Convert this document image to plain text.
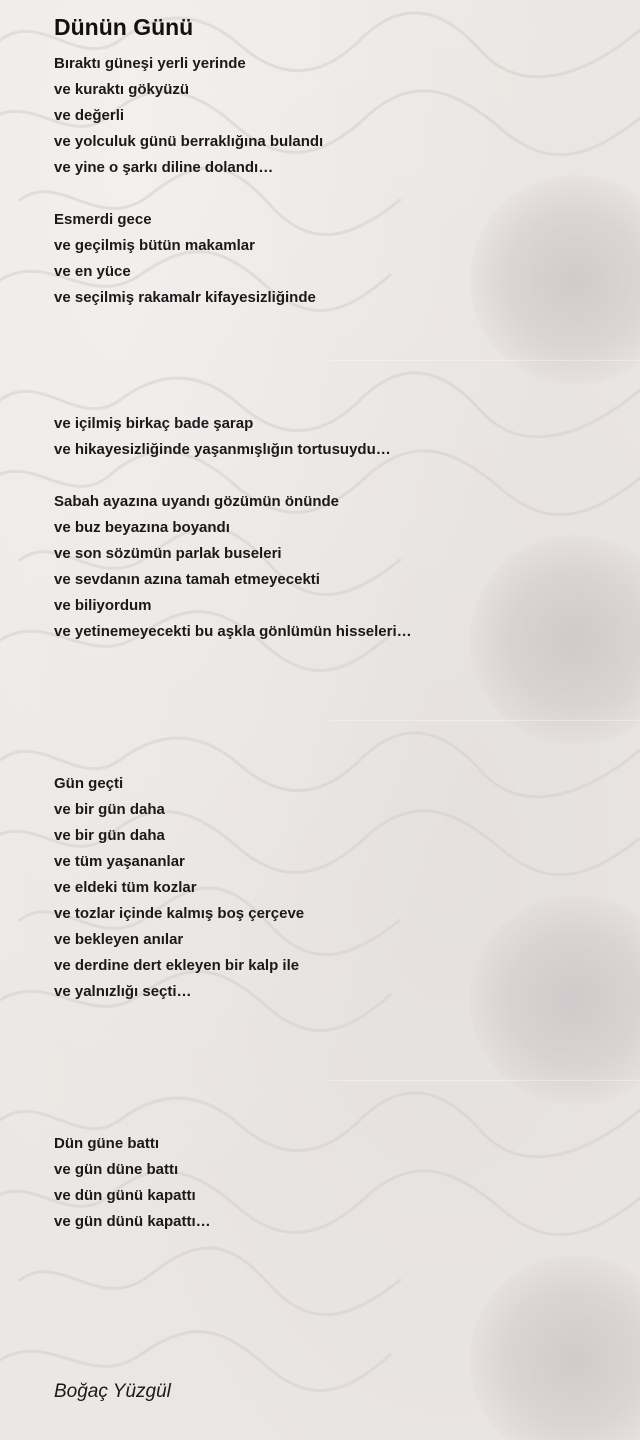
Dünün Günü
Bıraktı güneşi yerli yerinde
ve kuraktı gökyüzü
ve değerli
ve yolculuk günü berraklığına bulandı
ve yine o şarkı diline dolandı…
Esmerdi gece
ve geçilmiş bütün makamlar
ve en yüce
ve seçilmiş rakamalr kifayesizliğinde
ve içilmiş birkaç bade şarap
ve hikayesizliğinde yaşanmışlığın tortusuydu…
Sabah ayazına uyandı gözümün önünde
ve buz beyazına boyandı
ve son sözümün parlak buseleri
ve sevdanın azına tamah etmeyecekti
ve biliyordum
ve yetinemeyecekti bu aşkla gönlümün hisseleri…
Gün geçti
ve bir gün daha
ve bir gün daha
ve tüm yaşananlar
ve eldeki tüm kozlar
ve tozlar içinde kalmış boş çerçeve
ve bekleyen anılar
ve derdine dert ekleyen bir kalp ile
ve yalnızlığı seçti…
Dün güne battı
ve gün düne battı
ve dün günü kapattı
ve gün dünü kapattı…
Boğaç Yüzgül
